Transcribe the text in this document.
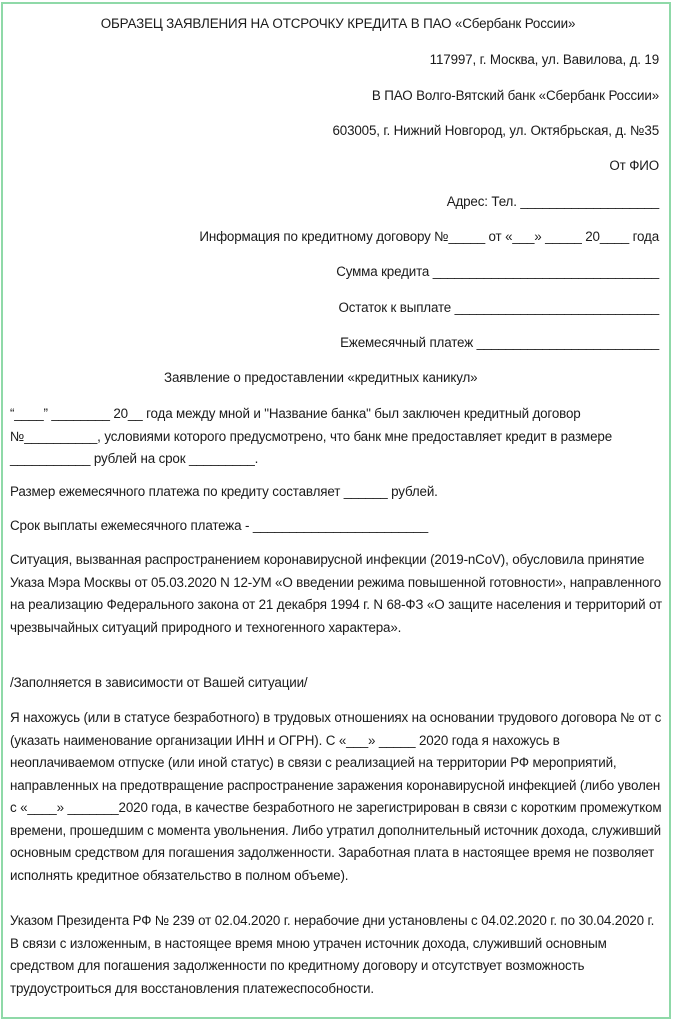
ОБРАЗЕЦ ЗАЯВЛЕНИЯ НА ОТСРОЧКУ КРЕДИТА В ПАО «Сбербанк России»
117997, г. Москва, ул. Вавилова, д. 19
В ПАО Волго-Вятский банк «Сбербанк России»
603005, г. Нижний Новгород, ул. Октябрьская, д. №35
От ФИО
Адрес: Тел. ___________________
Информация по кредитному договору №_____ от «___» _____ 20____ года
Сумма кредита _______________________________
Остаток к выплате ____________________________
Ежемесячный платеж _________________________
Заявление о предоставлении «кредитных каникул»

“____” ________ 20__ года между мной и "Название банка" был заключен кредитный договор №__________, условиями которого предусмотрено, что банк мне предоставляет кредит в размере ___________ рублей на срок _________.

Размер ежемесячного платежа по кредиту составляет ______ рублей.

Срок выплаты ежемесячного платежа - ________________________

Ситуация, вызванная распространением коронавирусной инфекции (2019-nCoV), обусловила принятие Указа Мэра Москвы от 05.03.2020 N 12-УМ «О введении режима повышенной готовности», направленного на реализацию Федерального закона от 21 декабря 1994 г. N 68-ФЗ «О защите населения и территорий от чрезвычайных ситуаций природного и техногенного характера».

/Заполняется в зависимости от Вашей ситуации/

Я нахожусь (или в статусе безработного) в трудовых отношениях на основании трудового договора № от с (указать наименование организации ИНН и ОГРН). С «___» _____ 2020 года я нахожусь в неоплачиваемом отпуске (или иной статус) в связи с реализацией на территории РФ мероприятий, направленных на предотвращение распространение заражения коронавирусной инфекцией (либо уволен с «____» _______2020 года, в качестве безработного не зарегистрирован в связи с коротким промежутком времени, прошедшим с момента увольнения. Либо утратил дополнительный источник дохода, служивший основным средством для погашения задолженности. Заработная плата в настоящее время не позволяет исполнять кредитное обязательство в полном объеме).

Указом Президента РФ № 239 от 02.04.2020 г. нерабочие дни установлены с 04.02.2020 г. по 30.04.2020 г. В связи с изложенным, в настоящее время мною утрачен источник дохода, служивший основным средством для погашения задолженности по кредитному договору и отсутствует возможность трудоустроиться для восстановления платежеспособности.
